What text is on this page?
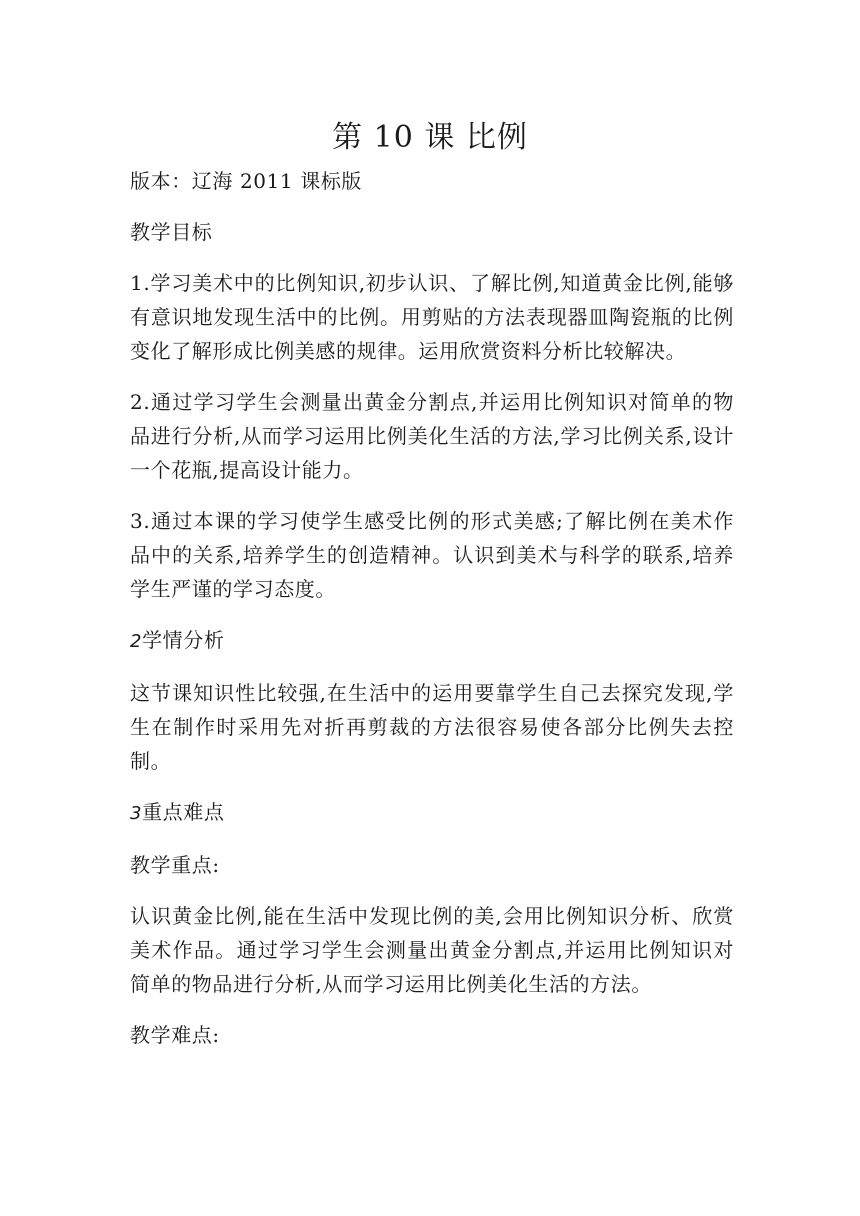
第 10 课 比例

版本：辽海 2011 课标版

教学目标

1.学习美术中的比例知识,初步认识、了解比例,知道黄金比例,能够有意识地发现生活中的比例。用剪贴的方法表现器皿陶瓷瓶的比例变化了解形成比例美感的规律。运用欣赏资料分析比较解决。

2.通过学习学生会测量出黄金分割点,并运用比例知识对简单的物品进行分析,从而学习运用比例美化生活的方法,学习比例关系,设计一个花瓶,提高设计能力。

3.通过本课的学习使学生感受比例的形式美感;了解比例在美术作品中的关系,培养学生的创造精神。认识到美术与科学的联系,培养学生严谨的学习态度。

2学情分析

这节课知识性比较强,在生活中的运用要靠学生自己去探究发现,学生在制作时采用先对折再剪裁的方法很容易使各部分比例失去控制。

3重点难点

教学重点:

认识黄金比例,能在生活中发现比例的美,会用比例知识分析、欣赏美术作品。通过学习学生会测量出黄金分割点,并运用比例知识对简单的物品进行分析,从而学习运用比例美化生活的方法。

教学难点:
